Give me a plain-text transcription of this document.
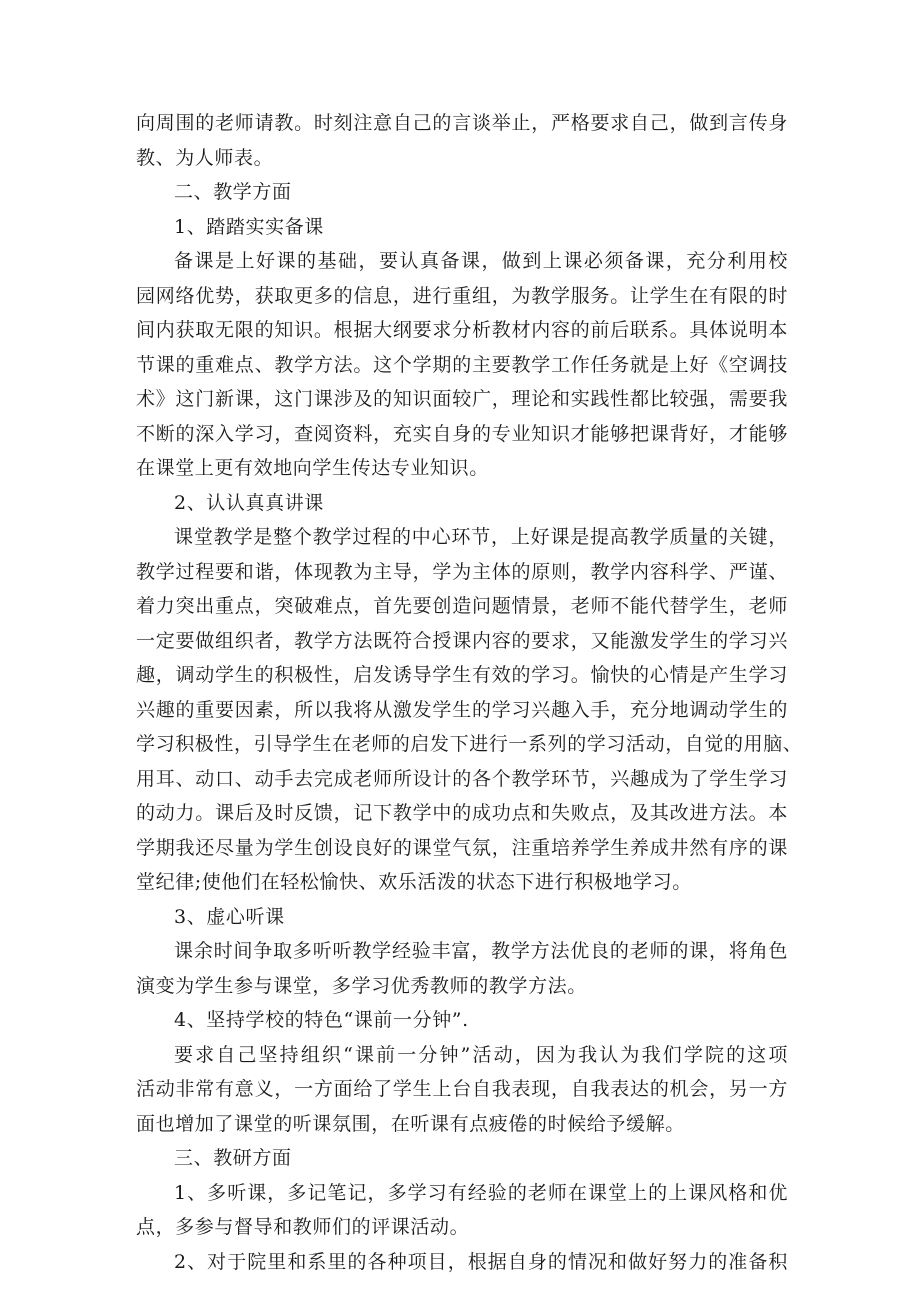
向周围的老师请教。时刻注意自己的言谈举止，严格要求自己，做到言传身
教、为人师表。
二、教学方面
1、踏踏实实备课
备课是上好课的基础，要认真备课，做到上课必须备课，充分利用校
园网络优势，获取更多的信息，进行重组，为教学服务。让学生在有限的时
间内获取无限的知识。根据大纲要求分析教材内容的前后联系。具体说明本
节课的重难点、教学方法。这个学期的主要教学工作任务就是上好《空调技
术》这门新课，这门课涉及的知识面较广，理论和实践性都比较强，需要我
不断的深入学习，查阅资料，充实自身的专业知识才能够把课背好，才能够
在课堂上更有效地向学生传达专业知识。
2、认认真真讲课
课堂教学是整个教学过程的中心环节，上好课是提高教学质量的关键，
教学过程要和谐，体现教为主导，学为主体的原则，教学内容科学、严谨、
着力突出重点，突破难点，首先要创造问题情景，老师不能代替学生，老师
一定要做组织者，教学方法既符合授课内容的要求，又能激发学生的学习兴
趣，调动学生的积极性，启发诱导学生有效的学习。愉快的心情是产生学习
兴趣的重要因素，所以我将从激发学生的学习兴趣入手，充分地调动学生的
学习积极性，引导学生在老师的启发下进行一系列的学习活动，自觉的用脑、
用耳、动口、动手去完成老师所设计的各个教学环节，兴趣成为了学生学习
的动力。课后及时反馈，记下教学中的成功点和失败点，及其改进方法。本
学期我还尽量为学生创设良好的课堂气氛，注重培养学生养成井然有序的课
堂纪律;使他们在轻松愉快、欢乐活泼的状态下进行积极地学习。
3、虚心听课
课余时间争取多听听教学经验丰富，教学方法优良的老师的课，将角色
演变为学生参与课堂，多学习优秀教师的教学方法。
4、坚持学校的特色“课前一分钟”.
要求自己坚持组织“课前一分钟”活动，因为我认为我们学院的这项
活动非常有意义，一方面给了学生上台自我表现，自我表达的机会，另一方
面也增加了课堂的听课氛围，在听课有点疲倦的时候给予缓解。
三、教研方面
1、多听课，多记笔记，多学习有经验的老师在课堂上的上课风格和优
点，多参与督导和教师们的评课活动。
2、对于院里和系里的各种项目，根据自身的情况和做好努力的准备积
